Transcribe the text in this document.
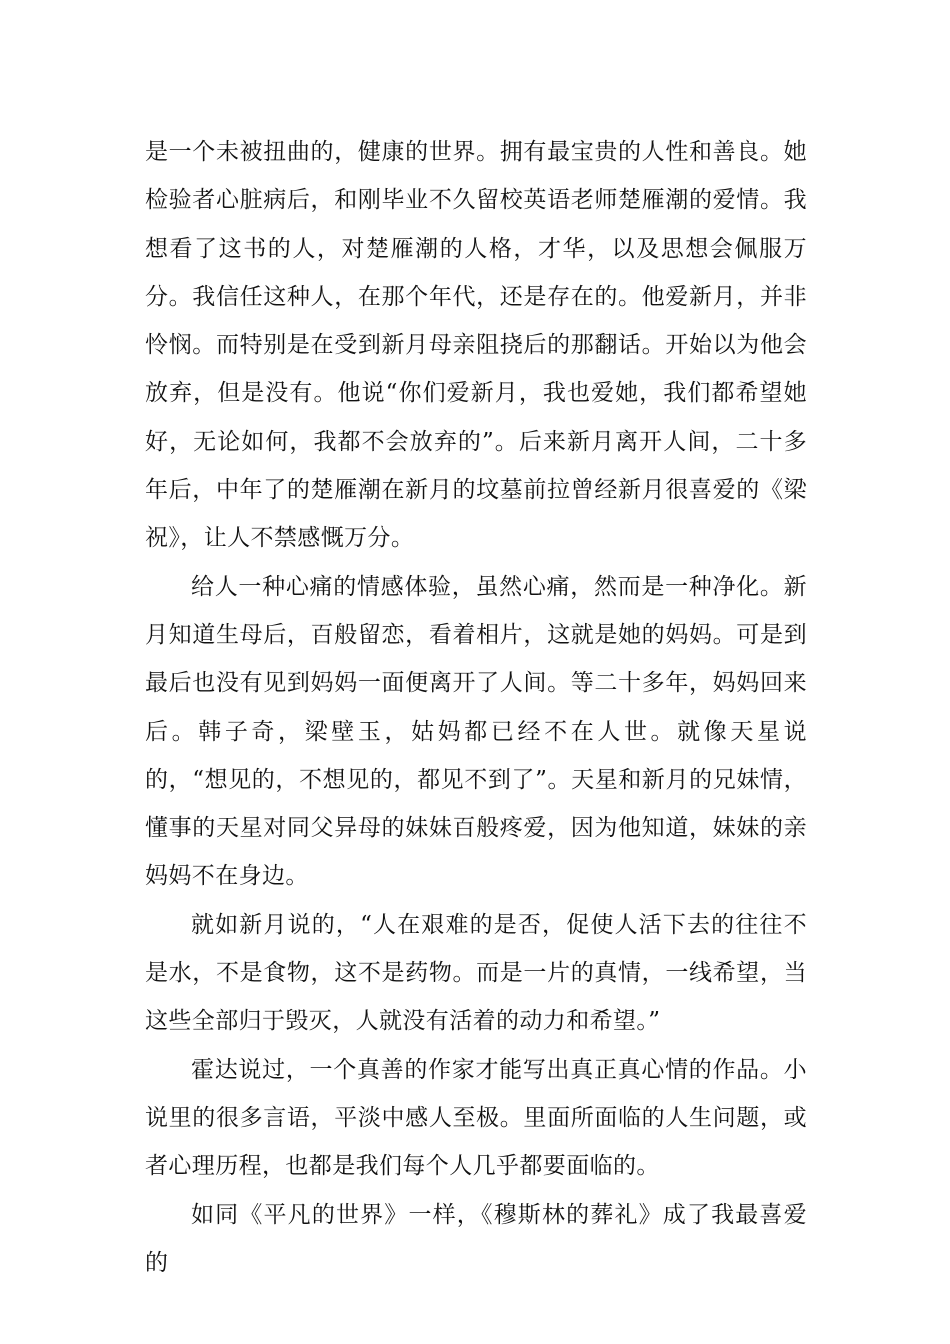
是一个未被扭曲的，健康的世界。拥有最宝贵的人性和善良。她检验者心脏病后，和刚毕业不久留校英语老师楚雁潮的爱情。我想看了这书的人，对楚雁潮的人格，才华，以及思想会佩服万分。我信任这种人，在那个年代，还是存在的。他爱新月，并非怜悯。而特别是在受到新月母亲阻挠后的那翻话。开始以为他会放弃，但是没有。他说“你们爱新月，我也爱她，我们都希望她好，无论如何，我都不会放弃的”。后来新月离开人间，二十多年后，中年了的楚雁潮在新月的坟墓前拉曾经新月很喜爱的《梁祝》，让人不禁感慨万分。

给人一种心痛的情感体验，虽然心痛，然而是一种净化。新月知道生母后，百般留恋，看着相片，这就是她的妈妈。可是到最后也没有见到妈妈一面便离开了人间。等二十多年，妈妈回来后。韩子奇，梁壁玉，姑妈都已经不在人世。就像天星说的，“想见的，不想见的，都见不到了”。天星和新月的兄妹情，懂事的天星对同父异母的妹妹百般疼爱，因为他知道，妹妹的亲妈妈不在身边。

就如新月说的，“人在艰难的是否，促使人活下去的往往不是水，不是食物，这不是药物。而是一片的真情，一线希望，当这些全部归于毁灭，人就没有活着的动力和希望。”

霍达说过，一个真善的作家才能写出真正真心情的作品。小说里的很多言语，平淡中感人至极。里面所面临的人生问题，或者心理历程，也都是我们每个人几乎都要面临的。

如同《平凡的世界》一样，《穆斯林的葬礼》成了我最喜爱的
